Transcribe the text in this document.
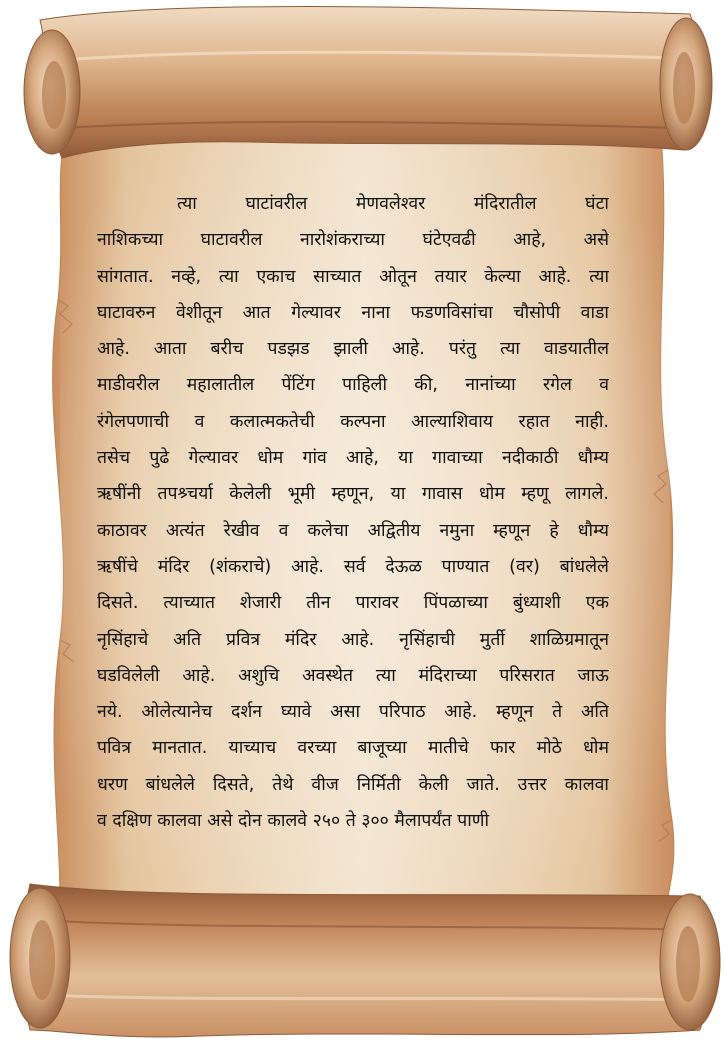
त्या घाटांवरील मेणवलेश्वर मंदिरातील घंटा
नाशिकच्या घाटावरील नारोशंकराच्या घंटेएवढी आहे, असे
सांगतात. नव्हे, त्या एकाच साच्यात ओतून तयार केल्या आहे. त्या
घाटावरुन वेशीतून आत गेल्यावर नाना फडणविसांचा चौसोपी वाडा
आहे. आता बरीच पडझड झाली आहे. परंतु त्या वाडयातील
माडीवरील महालातील पेंटिंग पाहिली की, नानांच्या रगेल व
रंगेलपणाची व कलात्मकतेची कल्पना आल्याशिवाय रहात नाही.
तसेच पुढे गेल्यावर धोम गांव आहे, या गावाच्या नदीकाठी धौम्य
ऋषींनी तपश्र्चर्या केलेली भूमी म्हणून, या गावास धोम म्हणू लागले.
काठावर अत्यंत रेखीव व कलेचा अद्वितीय नमुना म्हणून हे धौम्य
ऋषींचे मंदिर (शंकराचे) आहे. सर्व देऊळ पाण्यात (वर) बांधलेले
दिसते. त्याच्यात शेजारी तीन पारावर पिंपळाच्या बुंध्याशी एक
नृसिंहाचे अति प्रवित्र मंदिर आहे. नृसिंहाची मुर्ती शाळिग्रमातून
घडविलेली आहे. अशुचि अवस्थेत त्या मंदिराच्या परिसरात जाऊ
नये. ओलेत्यानेच दर्शन घ्यावे असा परिपाठ आहे. म्हणून ते अति
पवित्र मानतात. याच्याच वरच्या बाजूच्या मातीचे फार मोठे धोम
धरण बांधलेले दिसते, तेथे वीज निर्मिती केली जाते. उत्तर कालवा
व दक्षिण कालवा असे दोन कालवे २५० ते ३०० मैलापर्यंत पाणी
